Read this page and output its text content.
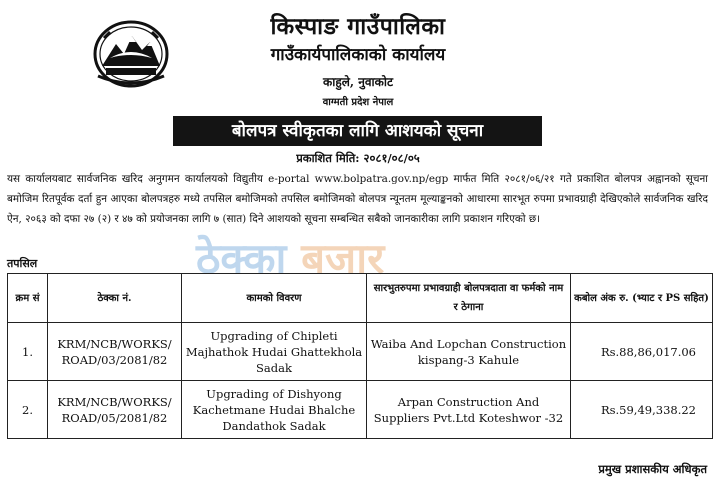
किस्पाङ गाउँपालिका
गाउँकार्यपालिकाको कार्यालय
काहुले, नुवाकोट
वाग्मती प्रदेश नेपाल
बोलपत्र स्वीकृतका लागि आशयको सूचना
प्रकाशित मिति: २०८१/०८/०५

यस कार्यालयबाट सार्वजनिक खरिद अनुगमन कार्यालयको विद्युतीय e-portal www.bolpatra.gov.np/egp मार्फत मिति २०८१/०६/२१ गते प्रकाशित बोलपत्र अह्वानको सूचना बमोजिम रितपूर्वक दर्ता हुन आएका बोलपत्रहरु मध्ये तपसिल बमोजिमको तपसिल बमोजिमको बोलपत्र न्यूनतम मूल्याङ्कनको आधारमा सारभूत रुपमा प्रभावग्राही देखिएकोले सार्वजनिक खरिद ऐन, २०६३ को दफा २७ (२) र ४७ को प्रयोजनका लागि ७ (सात) दिने आशयको सूचना सम्बन्धित सबैको जानकारीका लागि प्रकाशन गरिएको छ।

ठेक्का बजार
तपसिल
क्रम सं	ठेक्का नं.	कामको विवरण	सारभुतरुपमा प्रभावग्राही बोलपत्रदाता वा फर्मको नाम र ठेगाना	कबोल अंक रु. (भ्याट र PS सहित)
1.	KRM/NCB/WORKS/ ROAD/03/2081/82	Upgrading of Chipleti Majhathok Hudai Ghattekhola Sadak	Waiba And Lopchan Construction kispang-3 Kahule	Rs.88,86,017.06
2.	KRM/NCB/WORKS/ ROAD/05/2081/82	Upgrading of Dishyong Kachetmane Hudai Bhalche Dandathok Sadak	Arpan Construction And Suppliers Pvt.Ltd Koteshwor -32	Rs.59,49,338.22
प्रमुख प्रशासकीय अधिकृत
